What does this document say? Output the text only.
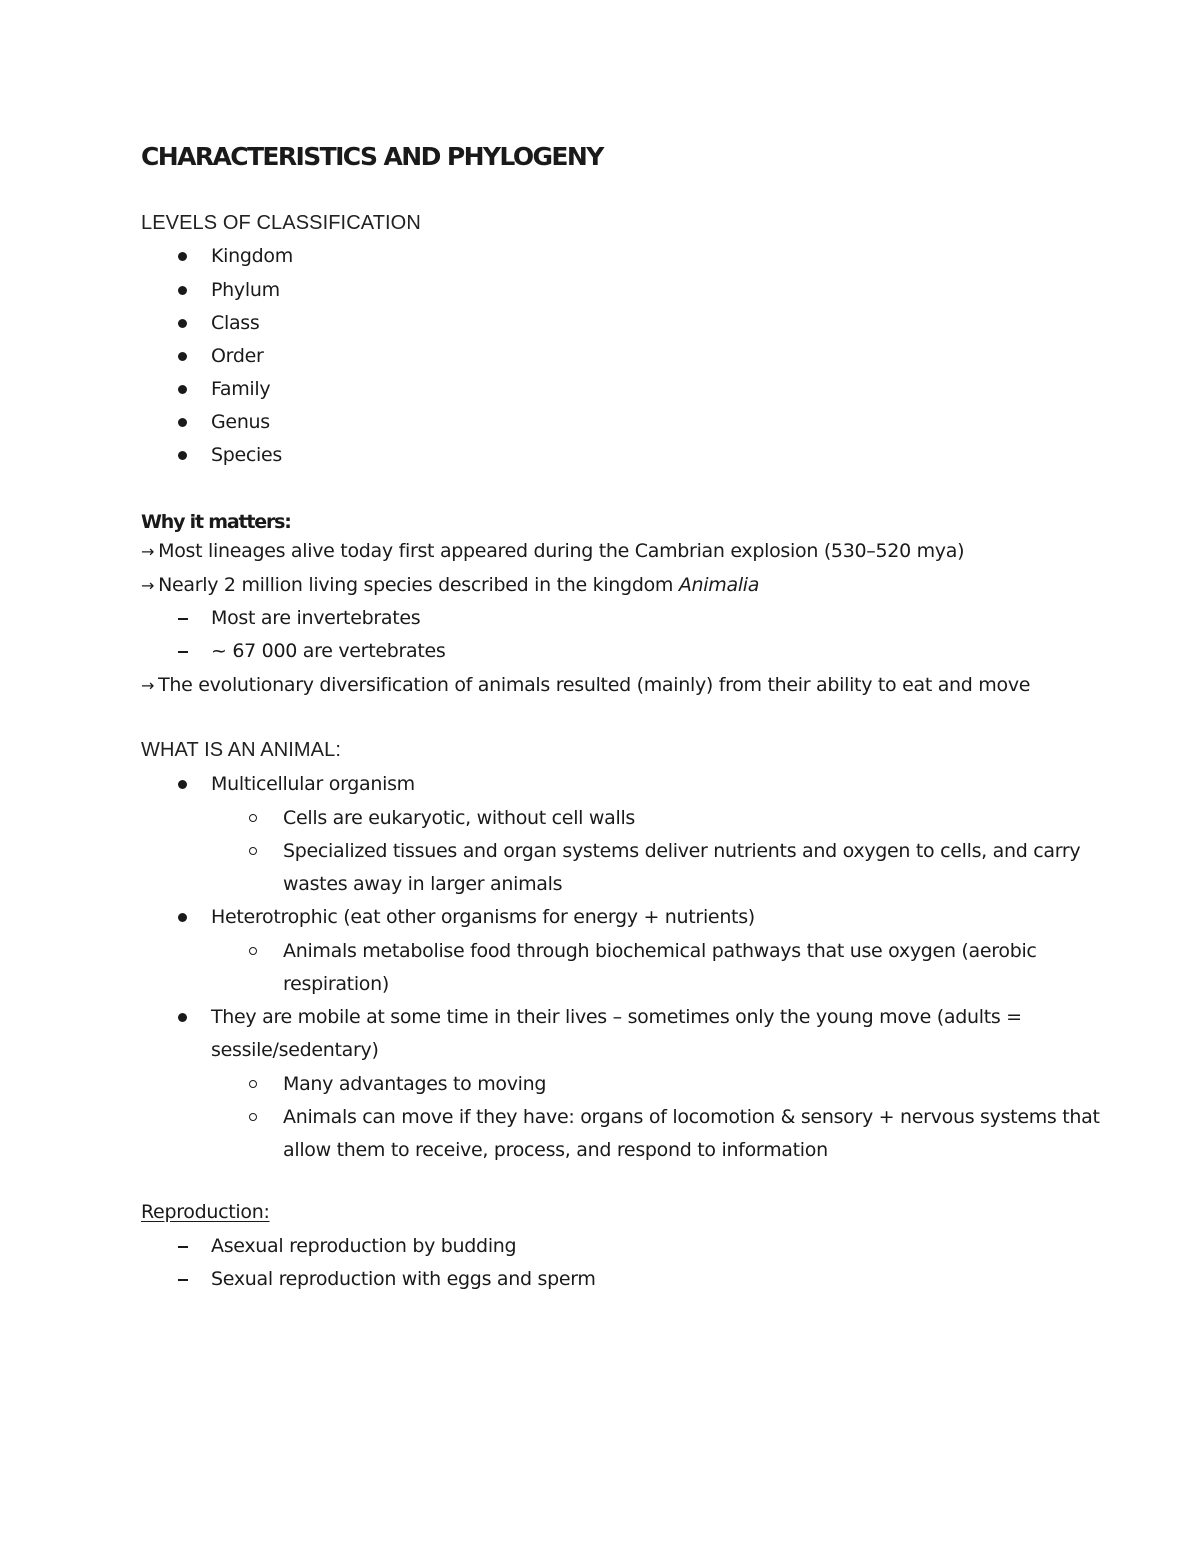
CHARACTERISTICS AND PHYLOGENY
LEVELS OF CLASSIFICATION
Kingdom
Phylum
Class
Order
Family
Genus
Species
Why it matters:
→ Most lineages alive today first appeared during the Cambrian explosion (530–520 mya)
→ Nearly 2 million living species described in the kingdom Animalia
Most are invertebrates
~ 67 000 are vertebrates
→ The evolutionary diversification of animals resulted (mainly) from their ability to eat and move
WHAT IS AN ANIMAL:
Multicellular organism
Cells are eukaryotic, without cell walls
Specialized tissues and organ systems deliver nutrients and oxygen to cells, and carry
wastes away in larger animals
Heterotrophic (eat other organisms for energy + nutrients)
Animals metabolise food through biochemical pathways that use oxygen (aerobic
respiration)
They are mobile at some time in their lives – sometimes only the young move (adults =
sessile/sedentary)
Many advantages to moving
Animals can move if they have: organs of locomotion & sensory + nervous systems that
allow them to receive, process, and respond to information
Reproduction:
Asexual reproduction by budding
Sexual reproduction with eggs and sperm
